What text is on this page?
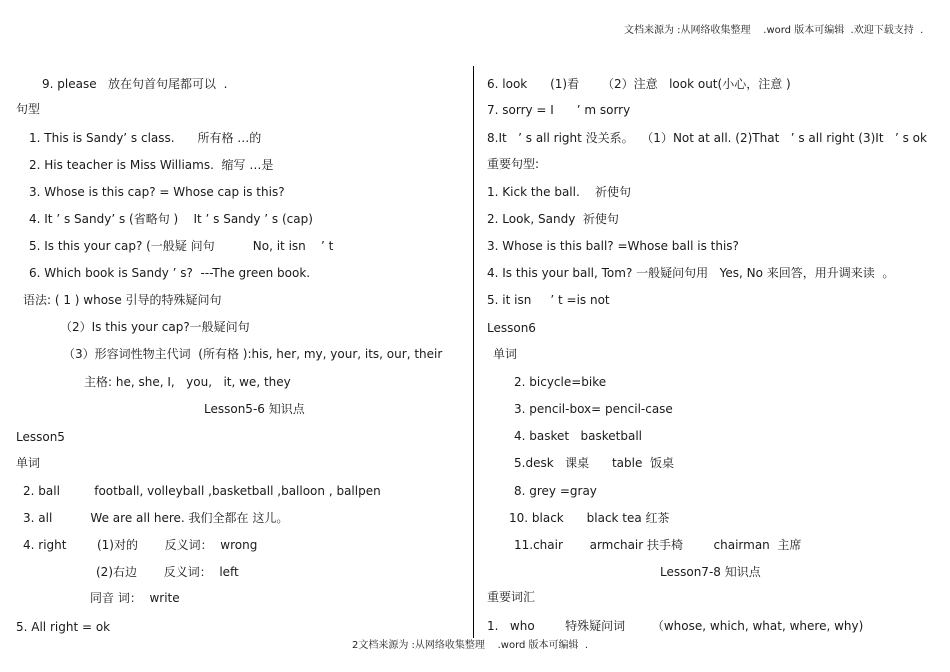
文档来源为 :从网络收集整理    .word 版本可编辑  .欢迎下载支持  .
9. please   放在句首句尾都可以  .
句型
1. This is Sandy’ s class.      所有格 …的
2. His teacher is Miss Williams.  缩写 …是
3. Whose is this cap? = Whose cap is this?
4. It ’ s Sandy’ s (省略句 )    It ’ s Sandy ’ s (cap)
5. Is this your cap? (一般疑 问句          No, it isn    ’ t
6. Which book is Sandy ’ s?  ---The green book.
语法: ( 1 ) whose 引导的特殊疑问句
（2）Is this your cap?一般疑问句
（3）形容词性物主代词  (所有格 ):his, her, my, your, its, our, their
主格: he, she, I,   you,   it, we, they
Lesson5-6 知识点
Lesson5
单词
2. ball         football, volleyball ,basketball ,balloon , ballpen
3. all          We are all here. 我们全都在 这儿。
4. right        (1)对的       反义词：  wrong
(2)右边       反义词：  left
同音 词：  write
5. All right = ok
6. look      (1)看      （2）注意   look out(小心，注意 )
7. sorry = I      ’ m sorry
8.It   ’ s all right 没关系。  （1）Not at all. (2)That   ’ s all right (3)It   ’ s ok
重要句型:
1. Kick the ball.    祈使句
2. Look, Sandy  祈使句
3. Whose is this ball? =Whose ball is this?
4. Is this your ball, Tom? 一般疑问句用   Yes, No 来回答，用升调来读  。
5. it isn     ’ t =is not
Lesson6
单词
2. bicycle=bike
3. pencil-box= pencil-case
4. basket   basketball
5.desk   课桌      table  饭桌
8. grey =gray
10. black      black tea 红茶
11.chair       armchair 扶手椅        chairman  主席
Lesson7-8 知识点
重要词汇
1.   who        特殊疑问词       （whose, which, what, where, why)
2文档来源为 :从网络收集整理    .word 版本可编辑  .
